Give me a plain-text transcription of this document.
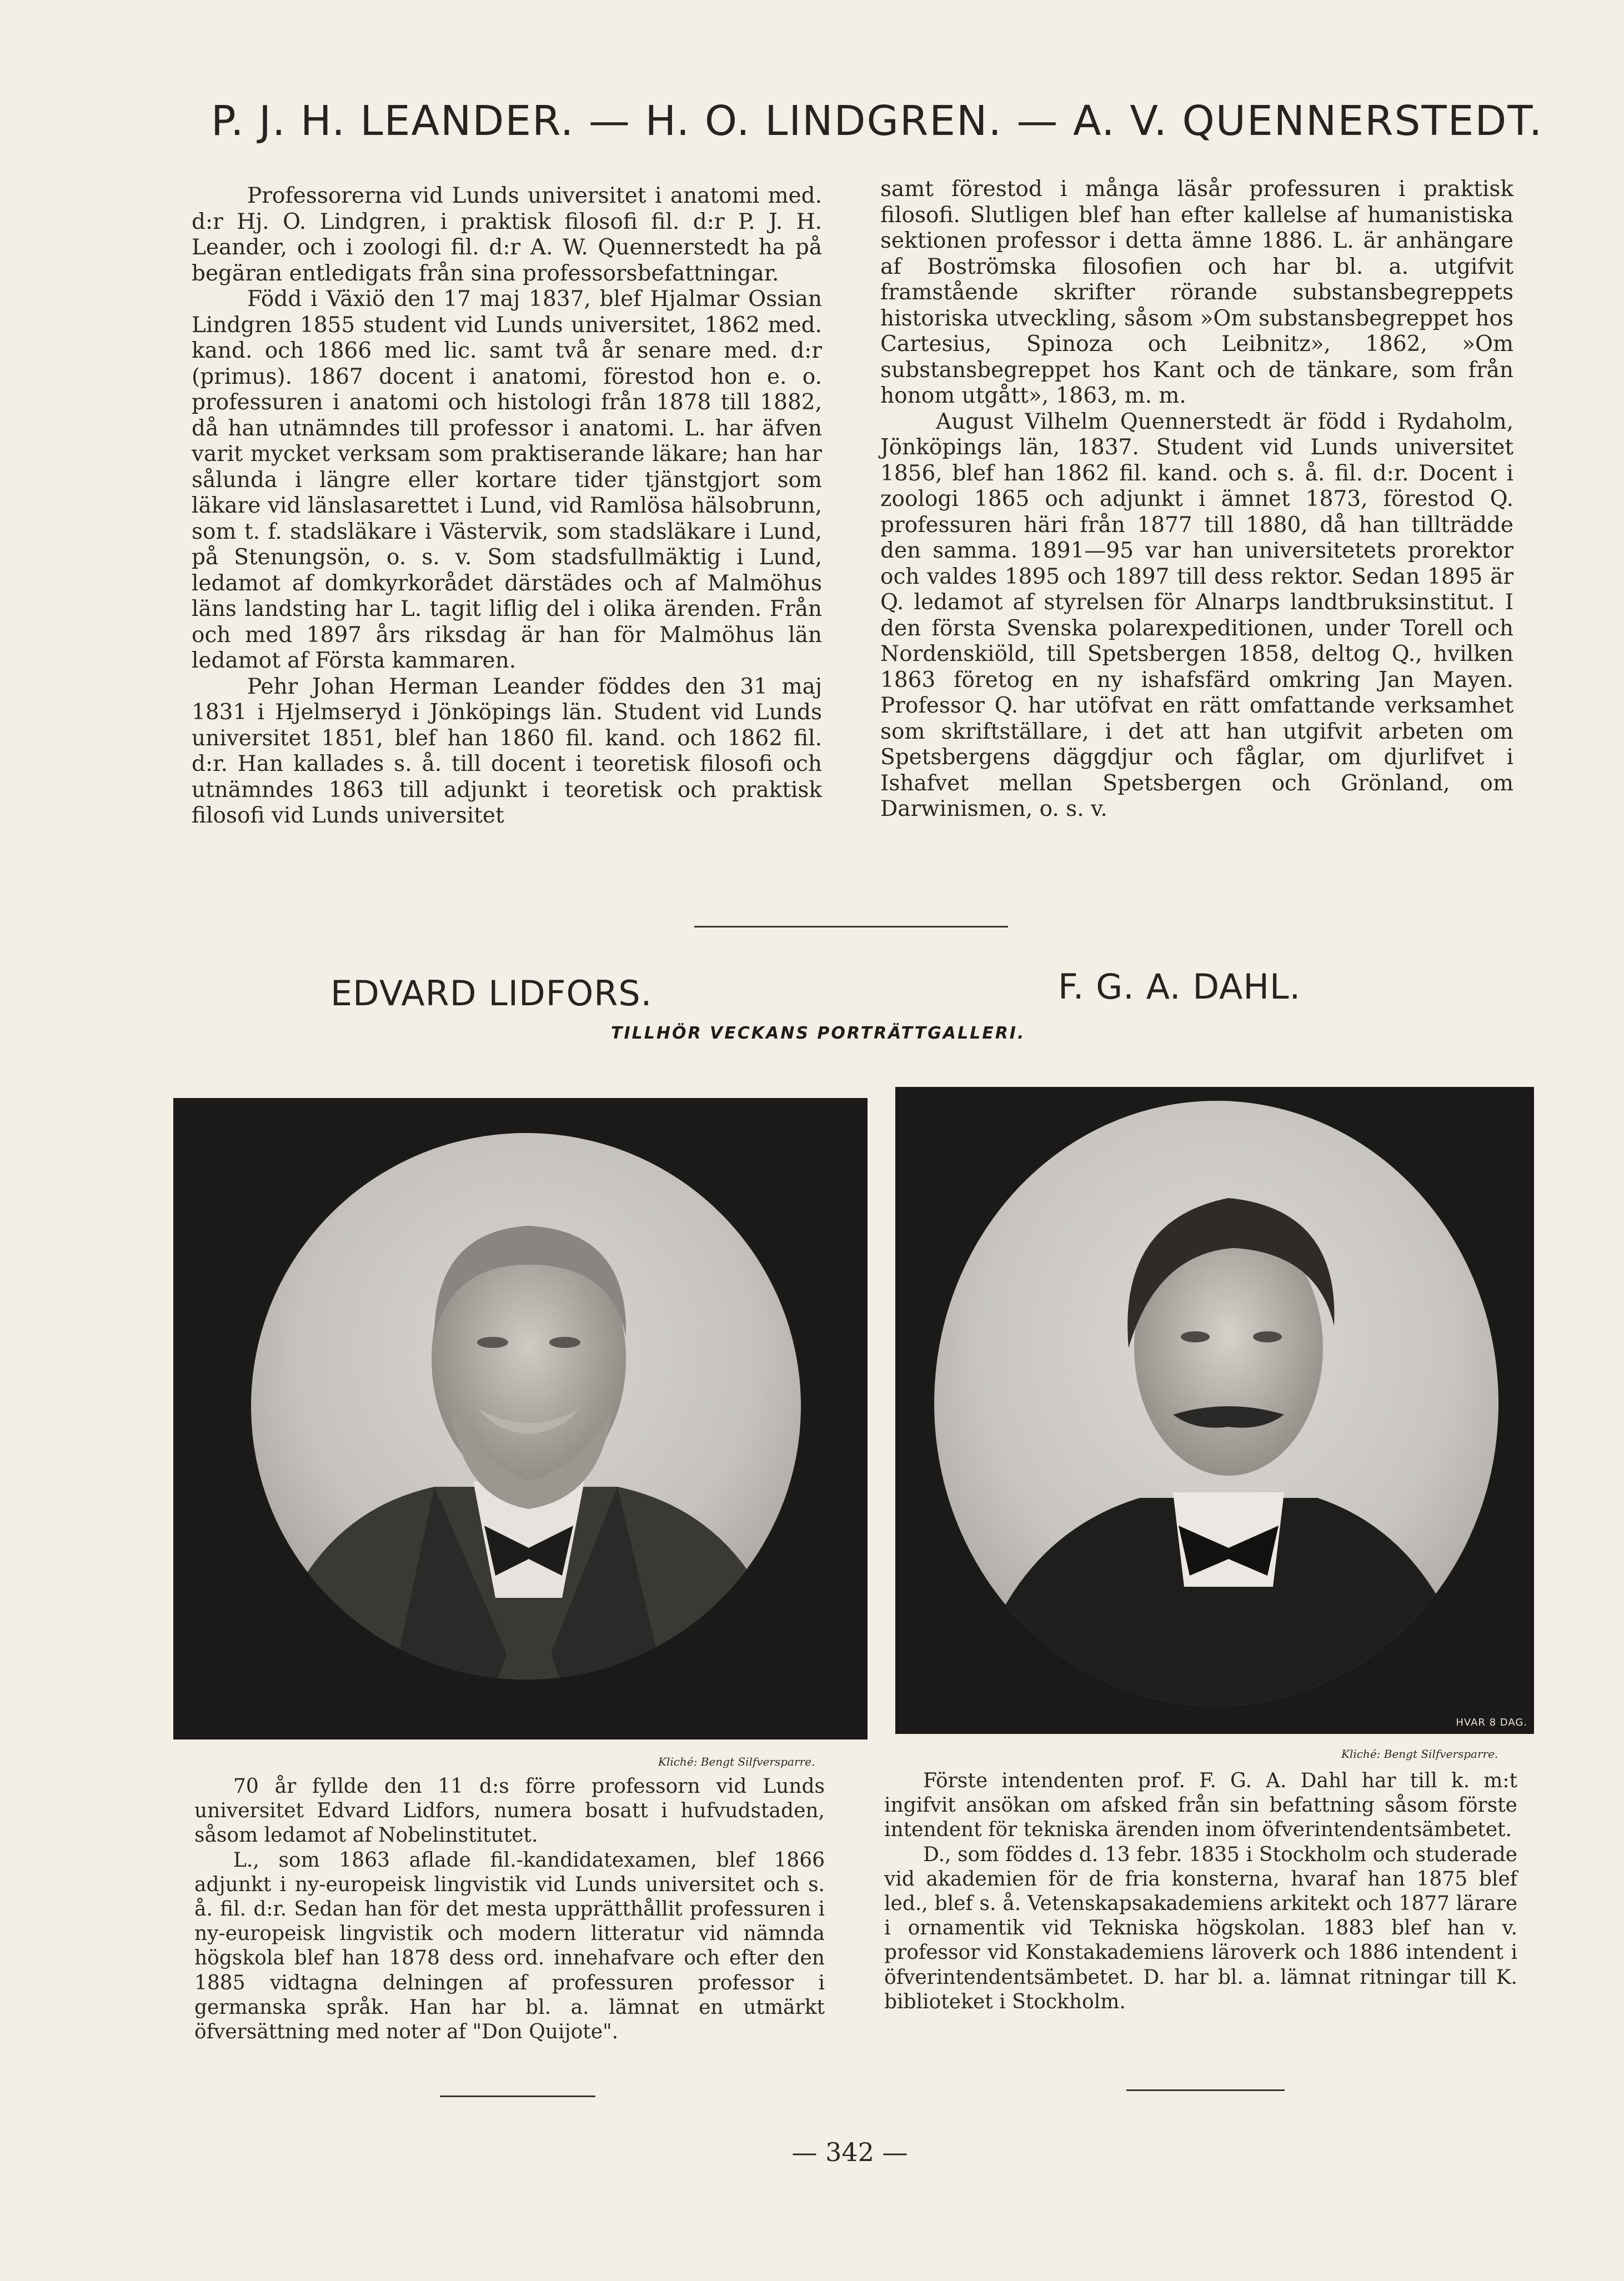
P. J. H. LEANDER. — H. O. LINDGREN. — A. V. QUENNERSTEDT.

Professorerna vid Lunds universitet i anatomi med. d:r Hj. O. Lindgren, i praktisk filosofi fil. d:r P. J. H. Leander, och i zoologi fil. d:r A. W. Quennerstedt ha på begäran entledigats från sina professorsbefattningar.

Född i Växiö den 17 maj 1837, blef Hjalmar Ossian Lindgren 1855 student vid Lunds universitet, 1862 med. kand. och 1866 med lic. samt två år senare med. d:r (primus). 1867 docent i anatomi, förestod hon e. o. professuren i anatomi och histologi från 1878 till 1882, då han utnämndes till professor i anatomi. L. har äfven varit mycket verksam som praktiserande läkare; han har sålunda i längre eller kortare tider tjänstgjort som läkare vid länslasarettet i Lund, vid Ramlösa hälsobrunn, som t. f. stadsläkare i Västervik, som stadsläkare i Lund, på Stenungsön, o. s. v. Som stadsfullmäktig i Lund, ledamot af domkyrkorådet därstädes och af Malmöhus läns landsting har L. tagit liflig del i olika ärenden. Från och med 1897 års riksdag är han för Malmöhus län ledamot af Första kammaren.

Pehr Johan Herman Leander föddes den 31 maj 1831 i Hjelmseryd i Jönköpings län. Student vid Lunds universitet 1851, blef han 1860 fil. kand. och 1862 fil. d:r. Han kallades s. å. till docent i teoretisk filosofi och utnämndes 1863 till adjunkt i teoretisk och praktisk filosofi vid Lunds universitet

samt förestod i många läsår professuren i praktisk filosofi. Slutligen blef han efter kallelse af humanistiska sektionen professor i detta ämne 1886. L. är anhängare af Boströmska filosofien och har bl. a. utgifvit framstående skrifter rörande substansbegreppets historiska utveckling, såsom »Om substansbegreppet hos Cartesius, Spinoza och Leibnitz», 1862, »Om substansbegreppet hos Kant och de tänkare, som från honom utgått», 1863, m. m.

August Vilhelm Quennerstedt är född i Rydaholm, Jönköpings län, 1837. Student vid Lunds universitet 1856, blef han 1862 fil. kand. och s. å. fil. d:r. Docent i zoologi 1865 och adjunkt i ämnet 1873, förestod Q. professuren häri från 1877 till 1880, då han tillträdde den samma. 1891—95 var han universitetets prorektor och valdes 1895 och 1897 till dess rektor. Sedan 1895 är Q. ledamot af styrelsen för Alnarps landtbruksinstitut. I den första Svenska polarexpeditionen, under Torell och Nordenskiöld, till Spetsbergen 1858, deltog Q., hvilken 1863 företog en ny ishafsfärd omkring Jan Mayen. Professor Q. har utöfvat en rätt omfattande verksamhet som skriftställare, i det att han utgifvit arbeten om Spetsbergens däggdjur och fåglar, om djurlifvet i Ishafvet mellan Spetsbergen och Grönland, om Darwinismen, o. s. v.

EDVARD LIDFORS.	F. G. A. DAHL.
TILLHÖR VECKANS PORTRÄTTGALLERI.
HVAR 8 DAG.
Kliché: Bengt Silfversparre.
Kliché: Bengt Silfversparre.

70 år fyllde den 11 d:s förre professorn vid Lunds universitet Edvard Lidfors, numera bosatt i hufvudstaden, såsom ledamot af Nobelinstitutet.

L., som 1863 aflade fil.-kandidatexamen, blef 1866 adjunkt i ny-europeisk lingvistik vid Lunds universitet och s. å. fil. d:r. Sedan han för det mesta upprätthållit professuren i ny-europeisk lingvistik och modern litteratur vid nämnda högskola blef han 1878 dess ord. innehafvare och efter den 1885 vidtagna delningen af professuren professor i germanska språk. Han har bl. a. lämnat en utmärkt öfversättning med noter af "Don Quijote".

Förste intendenten prof. F. G. A. Dahl har till k. m:t ingifvit ansökan om afsked från sin befattning såsom förste intendent för tekniska ärenden inom öfverintendentsämbetet.

D., som föddes d. 13 febr. 1835 i Stockholm och studerade vid akademien för de fria konsterna, hvaraf han 1875 blef led., blef s. å. Vetenskapsakademiens arkitekt och 1877 lärare i ornamentik vid Tekniska högskolan. 1883 blef han v. professor vid Konstakademiens läroverk och 1886 intendent i öfverintendentsämbetet. D. har bl. a. lämnat ritningar till K. biblioteket i Stockholm.

— 342 —
